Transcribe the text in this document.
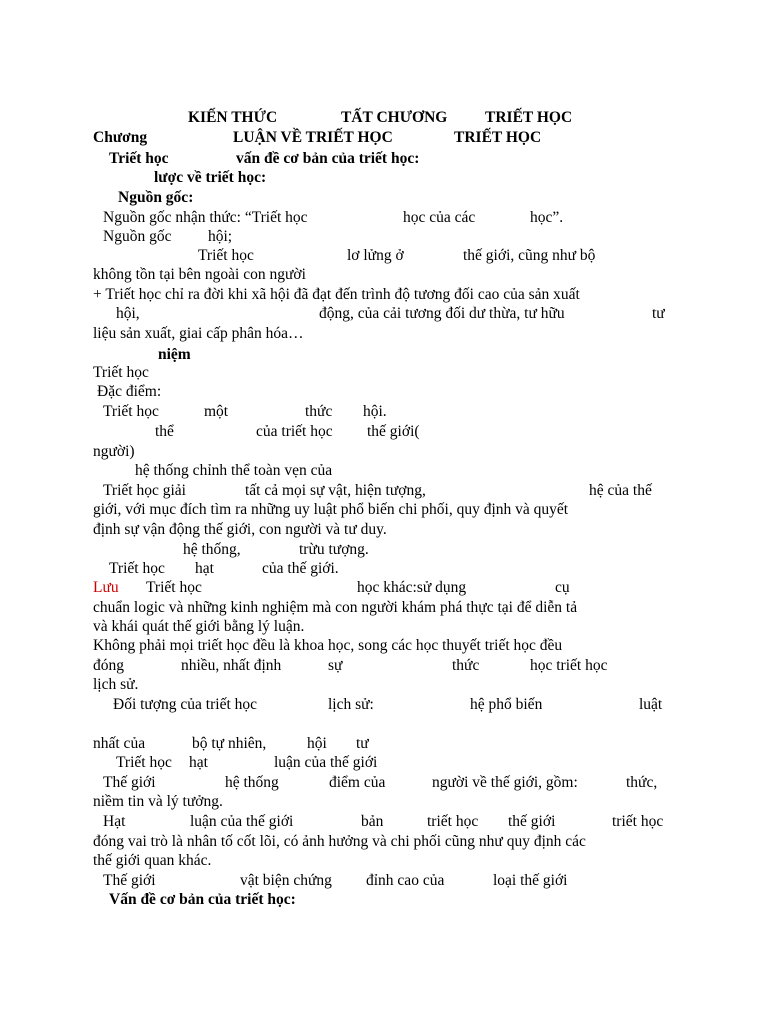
KIẾN THỨC	TẤT CHƯƠNG TRIẾT HỌC
Chương	LUẬN VỀ TRIẾT HỌC	TRIẾT HỌC
Triết học	vấn đề cơ bản của triết học:
lược về triết học:
Nguồn gốc:
Nguồn gốc nhận thức: “Triết học	học của các	học”.
Nguồn gốc hội;
Triết học	lơ lửng ở	thế giới, cũng như bộ
không tồn tại bên ngoài con người
+ Triết học chỉ ra đời khi xã hội đã đạt đến trình độ tương đối cao của sản xuất
hội,	động, của cải tương đối dư thừa, tư hữu	tư
liệu sản xuất, giai cấp phân hóa…
niệm
Triết học
Đặc điểm:
Triết học	một	thức hội.
thể	của triết học thế giới(
người)
hệ thống chỉnh thể toàn vẹn của
Triết học giải	tất cả mọi sự vật, hiện tượng,	hệ của thế
giới, với mục đích tìm ra những uy luật phổ biến chi phối, quy định và quyết
định sự vận động thế giới, con người và tư duy.
hệ thống,	trừu tượng.
Triết học hạt	của thế giới.
Lưu Triết học	học khác:sử dụng	cụ
chuẩn logic và những kinh nghiệm mà con người khám phá thực tại để diễn tả
và khái quát thế giới bằng lý luận.
Không phải mọi triết học đều là khoa học, song các học thuyết triết học đều
đóng	nhiều, nhất định	sự	thức	học triết học
lịch sử.
Đối tượng của triết học	lịch sử:	hệ phổ biến	luật
nhất của	bộ tự nhiên,	hội tư
Triết học hạt	luận của thế giới
Thế giới	hệ thống	điểm của	người về thế giới, gồm:	thức,
niềm tin và lý tưởng.
Hạt	luận của thế giới	bản	triết học thế giới	triết học
đóng vai trò là nhân tố cốt lõi, có ảnh hưởng và chi phối cũng như quy định các
thế giới quan khác.
Thế giới	vật biện chứng đỉnh cao của	loại thế giới
Vấn đề cơ bản của triết học:
